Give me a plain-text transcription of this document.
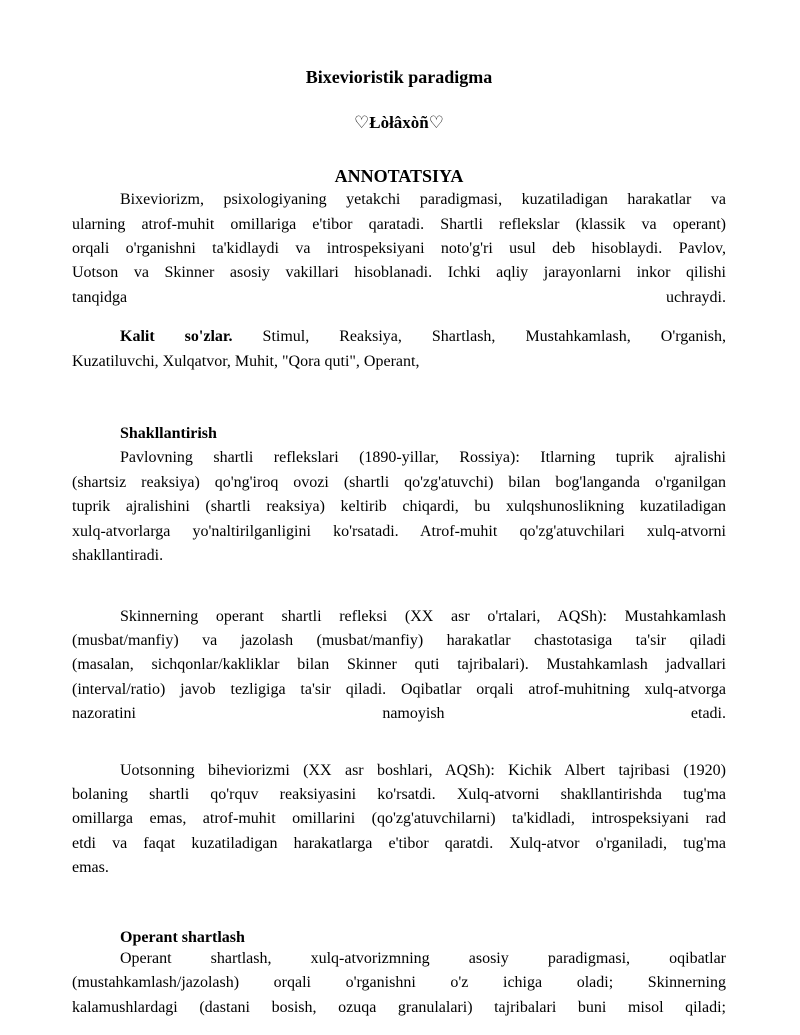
Bixevioristik paradigma
♡Łòłâxòñ♡
ANNOTATSIYA
Bixeviorizm, psixologiyaning yetakchi paradigmasi, kuzatiladigan harakatlar va
ularning atrof-muhit omillariga e'tibor qaratadi. Shartli reflekslar (klassik va operant)
orqali o'rganishni ta'kidlaydi va introspeksiyani noto'g'ri usul deb hisoblaydi. Pavlov,
Uotson va Skinner asosiy vakillari hisoblanadi. Ichki aqliy jarayonlarni inkor qilishi
tanqidga uchraydi.
Kalit so'zlar. Stimul, Reaksiya, Shartlash, Mustahkamlash, O'rganish,
Kuzatiluvchi, Xulqatvor, Muhit, "Qora quti", Operant,
Shakllantirish
Pavlovning shartli reflekslari (1890-yillar, Rossiya): Itlarning tuprik ajralishi
(shartsiz reaksiya) qo'ng'iroq ovozi (shartli qo'zg'atuvchi) bilan bog'langanda o'rganilgan
tuprik ajralishini (shartli reaksiya) keltirib chiqardi, bu xulqshunoslikning kuzatiladigan
xulq-atvorlarga yo'naltirilganligini ko'rsatadi. Atrof-muhit qo'zg'atuvchilari xulq-atvorni
shakllantiradi.
Skinnerning operant shartli refleksi (XX asr o'rtalari, AQSh): Mustahkamlash
(musbat/manfiy) va jazolash (musbat/manfiy) harakatlar chastotasiga ta'sir qiladi
(masalan, sichqonlar/kakliklar bilan Skinner quti tajribalari). Mustahkamlash jadvallari
(interval/ratio) javob tezligiga ta'sir qiladi. Oqibatlar orqali atrof-muhitning xulq-atvorga
nazoratini namoyish etadi.
Uotsonning biheviorizmi (XX asr boshlari, AQSh): Kichik Albert tajribasi (1920)
bolaning shartli qo'rquv reaksiyasini ko'rsatdi. Xulq-atvorni shakllantirishda tug'ma
omillarga emas, atrof-muhit omillarini (qo'zg'atuvchilarni) ta'kidladi, introspeksiyani rad
etdi va faqat kuzatiladigan harakatlarga e'tibor qaratdi. Xulq-atvor o'rganiladi, tug'ma
emas.
Operant shartlash
Operant shartlash, xulq-atvorizmning asosiy paradigmasi, oqibatlar
(mustahkamlash/jazolash) orqali o'rganishni o'z ichiga oladi; Skinnerning
kalamushlardagi (dastani bosish, ozuqa granulalari) tajribalari buni misol qiladi;
